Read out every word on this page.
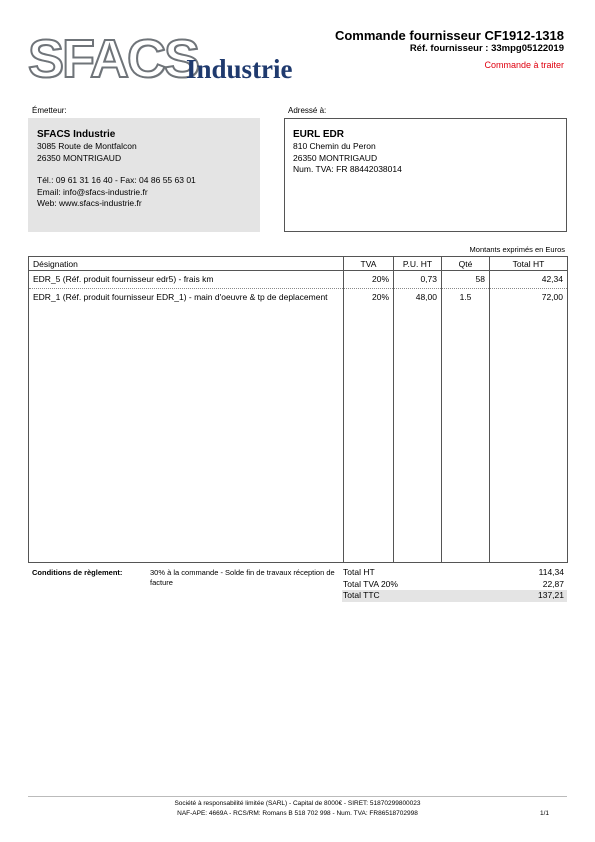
SFACS
Industrie
Commande fournisseur CF1912-1318
Réf. fournisseur : 33mpg05122019
Commande à traiter
Émetteur:	Adressé à:
SFACS Industrie
3085 Route de Montfalcon
26350 MONTRIGAUD
Tél.: 09 61 31 16 40 - Fax: 04 86 55 63 01
Email: info@sfacs-industrie.fr
Web: www.sfacs-industrie.fr
EURL EDR
810 Chemin du Peron
26350 MONTRIGAUD
Num. TVA: FR 88442038014
Montants exprimés en Euros
Désignation	TVA	P.U. HT	Qté	Total HT
EDR_5 (Réf. produit fournisseur edr5) - frais km	20%	0,73	58	42,34
EDR_1 (Réf. produit fournisseur EDR_1) - main d'oeuvre & tp de deplacement	20%	48,00	1.5	72,00
Conditions de règlement:	30% à la commande - Solde fin de travaux réception de facture
Total HT	114,34
Total TVA 20%	22,87
Total TTC	137,21
Société à responsabilité limitée (SARL) - Capital de 8000€ - SIRET: 51870299800023
NAF-APE: 4669A - RCS/RM: Romans B 518 702 998 - Num. TVA: FR86518702998	1/1
